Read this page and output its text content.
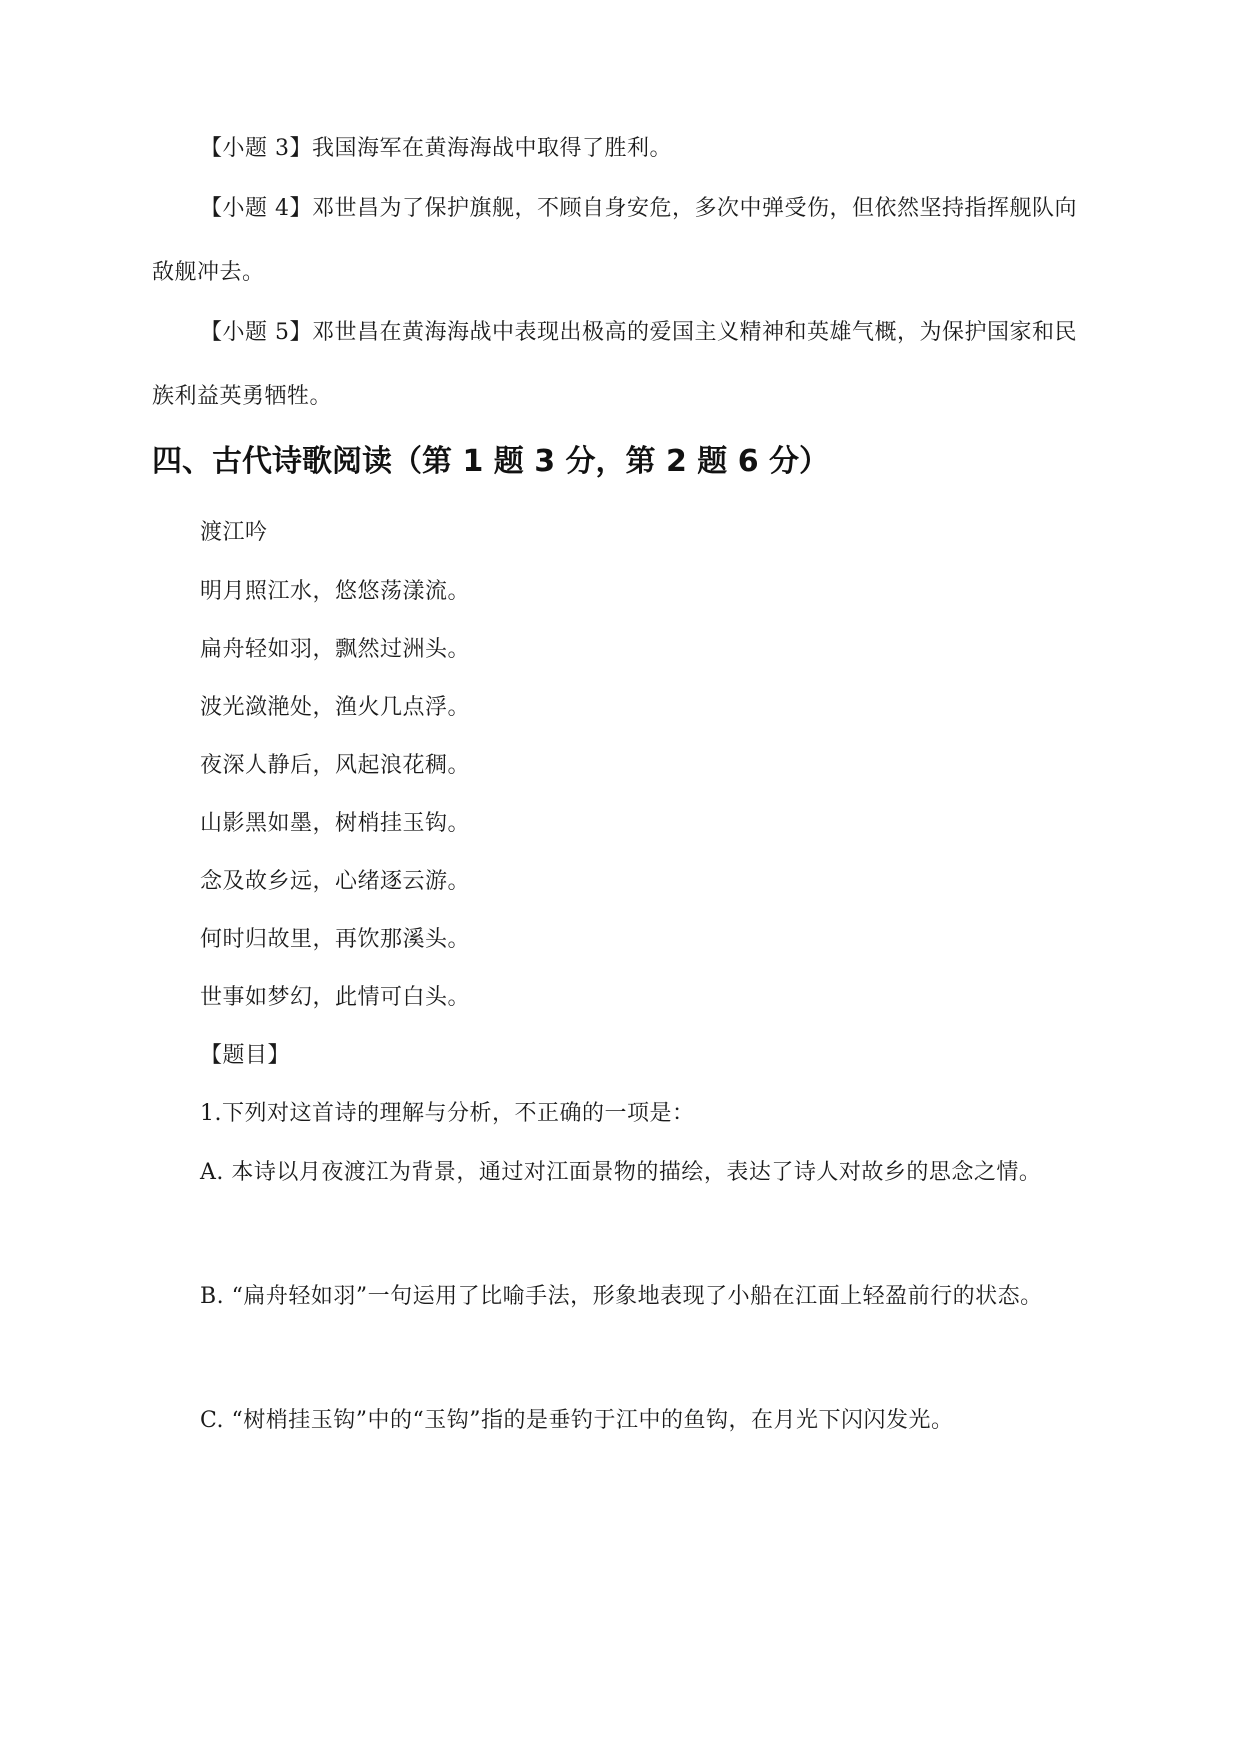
【小题 3】我国海军在黄海海战中取得了胜利。

【小题 4】邓世昌为了保护旗舰，不顾自身安危，多次中弹受伤，但依然坚持指挥舰队向敌舰冲去。

【小题 5】邓世昌在黄海海战中表现出极高的爱国主义精神和英雄气概，为保护国家和民族利益英勇牺牲。

四、古代诗歌阅读（第 1 题 3 分，第 2 题 6 分）

渡江吟

明月照江水，悠悠荡漾流。

扁舟轻如羽，飘然过洲头。

波光潋滟处，渔火几点浮。

夜深人静后，风起浪花稠。

山影黑如墨，树梢挂玉钩。

念及故乡远，心绪逐云游。

何时归故里，再饮那溪头。

世事如梦幻，此情可白头。

【题目】

1.下列对这首诗的理解与分析，不正确的一项是：

A. 本诗以月夜渡江为背景，通过对江面景物的描绘，表达了诗人对故乡的思念之情。

B. “扁舟轻如羽”一句运用了比喻手法，形象地表现了小船在江面上轻盈前行的状态。

C. “树梢挂玉钩”中的“玉钩”指的是垂钓于江中的鱼钩，在月光下闪闪发光。
